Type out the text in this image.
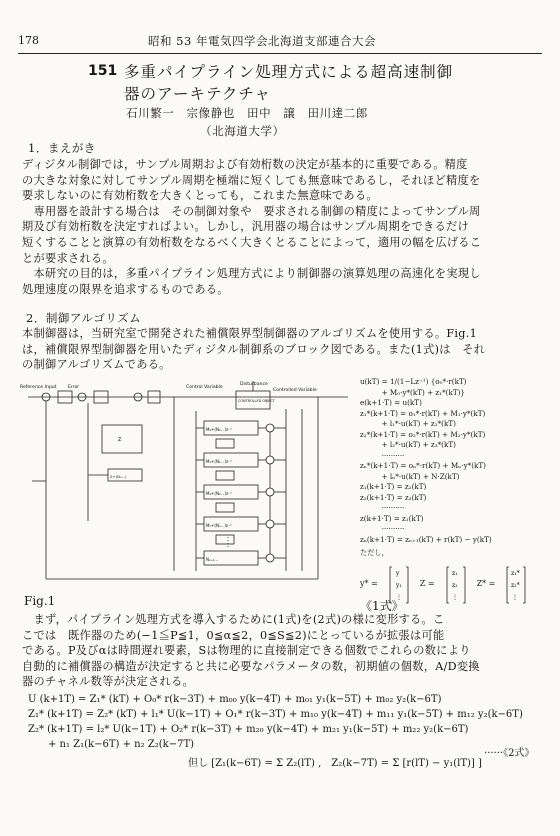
178	昭和 53 年電気四学会北海道支部連合大会
151 多重パイプライン処理方式による超高速制御
器のアーキテクチャ
石川繁一　宗像静也　田中　譲　田川達二郎
（北海道大学）
1．まえがき

ディジタル制御では，サンプル周期および有効桁数の決定が基本的に重要である。精度

の大きな対象に対してサンプル周期を極端に短くしても無意味であるし，それほど精度を

要求しないのに有効桁数を大きくとっても，これまた無意味である。

　専用器を設計する場合は　その制御対象や　要求される制御の精度によってサンプル周

期及び有効桁数を決定すればよい。しかし，汎用器の場合はサンプル周期をできるだけ

短くすることと演算の有効桁数をなるべく大きくとることによって，適用の幅を広げるこ

とが要求される。

　本研究の目的は，多重パイプライン処理方式により制御器の演算処理の高速化を実現し

処理速度の限界を追求するものである。

2．制御アルゴリズム

本制御器は，当研究室で開発された補償限界型制御器のアルゴリズムを使用する。Fig.1

は，補償限界型制御器を用いたディジタル制御系のブロック図である。また(1式)は　それ

の制御アルゴリズムである。

Reference Input	Error	Control Variable
Disturbance
Controlled Variable
CONTROLLED OBJECT
z
Σ+(N₀...)
M₀+(N₀...)z⁻¹
M₁+(N₁...)z⁻¹
M₂+(N₂...)z⁻¹
Mₙ+(Nₙ...)z⁻¹
Nₙ₊₁...
u(kT) = 1/(1−Lz⁻¹) {o₀*·r(kT)
　　　+ M₀·y*(kT) + z₁*(kT)}
e(k+1·T) = u(kT)
z₁*(k+1·T) = o₁*·r(kT) + M₁·y*(kT)
　　　+ l₁*·u(kT) + z₂*(kT)
z₂*(k+1·T) = o₂*·r(kT) + M₂·y*(kT)
　　　+ l₂*·u(kT) + z₃*(kT)
　　　··········
zₙ*(k+1·T) = oₙ*·r(kT) + Mₙ·y*(kT)
　　　+ lₙ*·u(kT) + N·Z(kT)
z₁(k+1·T) = z₂(kT)
z₂(k+1·T) = z₃(kT)
　　　··········
z(k+1·T) = z₁(kT)
　　　··········
zₙ(k+1·T) = zₙ₊₁(kT) + r(kT) − y(kT)
ただし，
y* =
y
y₁
⋮
Z =
z₁
z₂
⋮
Z* =
z₁*
z₂*
⋮
Fig.1	《1式》

　まず，パイプライン処理方式を導入するために(1式)を(2式)の様に変形する。こ

こでは　既作器のため(−1≦P≦1，0≦α≦2，0≦S≦2)にとっているが拡張は可能

である。P及びαは時間遅れ要素，Sは物理的に直接制定できる個数でこれらの数により

自動的に補償器の構造が決定すると共に必要なパラメータの数，初期値の個数，A/D変換

器のチャネル数等が決定される。

U (k+1T) = Z₁* (kT) + O₀* r(k−3T) + m₀₀ y(k−4T) + m₀₁ y₁(k−5T) + m₀₂ y₂(k−6T)
Z₁* (k+1T) = Z₂* (kT) + l₁* U(k−1T) + O₁* r(k−3T) + m₁₀ y(k−4T) + m₁₁ y₁(k−5T) + m₁₂ y₂(k−6T)
Z₂* (k+1T) = l₂* U(k−1T) + O₂* r(k−3T) + m₂₀ y(k−4T) + m₂₁ y₁(k−5T) + m₂₂ y₂(k−6T)
　　+ n₁ Z₁(k−6T) + n₂ Z₂(k−7T)
但し [Z₁(k−6T) = Σ Z₂(lT) ,　Z₂(k−7T) = Σ [r(lT) − y₁(lT)] ]
······《2式》
